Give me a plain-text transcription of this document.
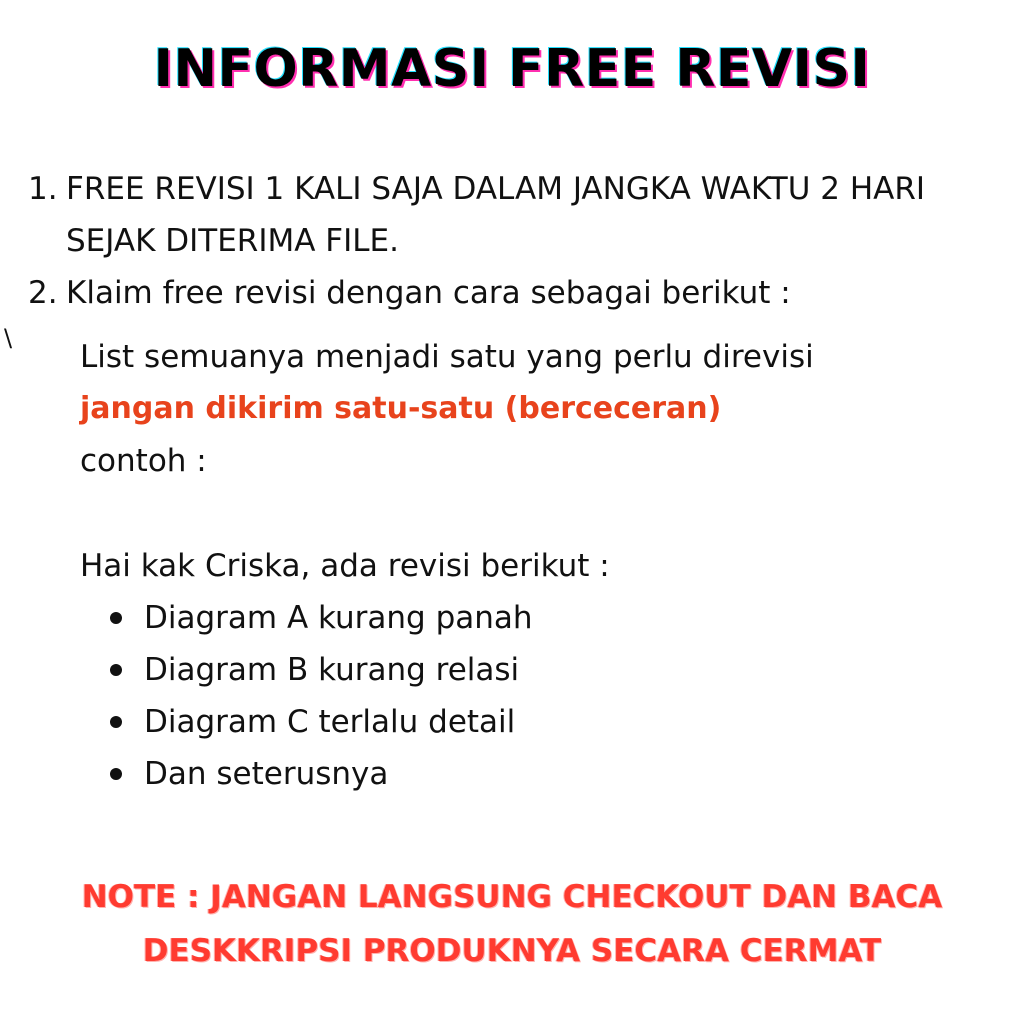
INFORMASI FREE REVISI
1. FREE REVISI 1 KALI SAJA DALAM JANGKA WAKTU 2 HARI SEJAK DITERIMA FILE.
2. Klaim free revisi dengan cara sebagai berikut :
\
List semuanya menjadi satu yang perlu direvisi
jangan dikirim satu-satu (berceceran)
contoh :
Hai kak Criska, ada revisi berikut :
Diagram A kurang panah
Diagram B kurang relasi
Diagram C terlalu detail
Dan seterusnya
NOTE : JANGAN LANGSUNG CHECKOUT DAN BACA
DESKKRIPSI PRODUKNYA SECARA CERMAT
